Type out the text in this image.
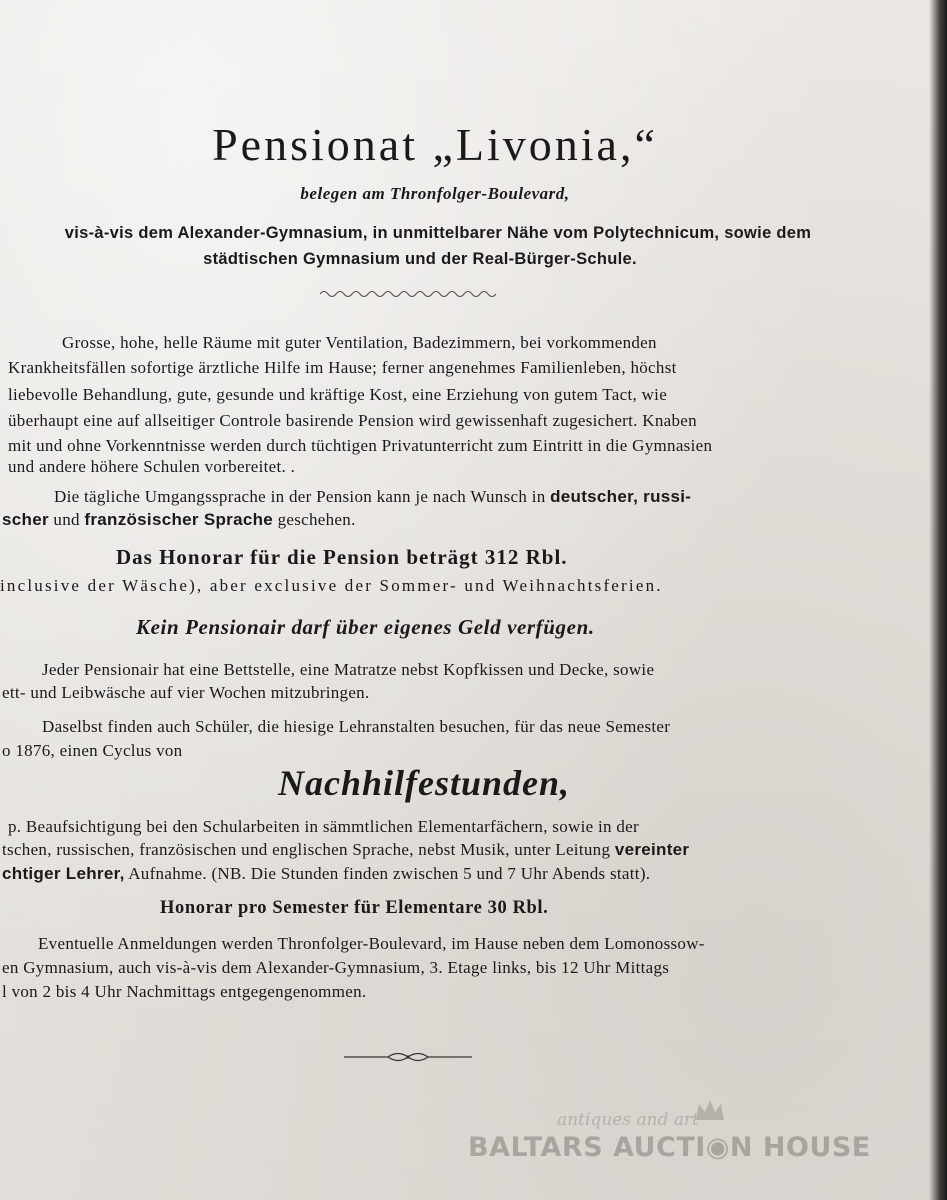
Pensionat „Livonia,“
belegen am Thronfolger-Boulevard,
vis-à-vis dem Alexander-Gymnasium, in unmittelbarer Nähe vom Polytechnicum, sowie dem
städtischen Gymnasium und der Real-Bürger-Schule.
Grosse, hohe, helle Räume mit guter Ventilation, Badezimmern, bei vorkommenden
Krankheitsfällen sofortige ärztliche Hilfe im Hause; ferner angenehmes Familienleben, höchst
liebevolle Behandlung, gute, gesunde und kräftige Kost, eine Erziehung von gutem Tact, wie
überhaupt eine auf allseitiger Controle basirende Pension wird gewissenhaft zugesichert. Knaben
mit und ohne Vorkenntnisse werden durch tüchtigen Privatunterricht zum Eintritt in die Gymnasien
und andere höhere Schulen vorbereitet. .
Die tägliche Umgangssprache in der Pension kann je nach Wunsch in deutscher, russi-
scher und französischer Sprache geschehen.
Das Honorar für die Pension beträgt 312 Rbl.
inclusive der Wäsche), aber exclusive der Sommer- und Weihnachtsferien.
Kein Pensionair darf über eigenes Geld verfügen.
Jeder Pensionair hat eine Bettstelle, eine Matratze nebst Kopfkissen und Decke, sowie
ett- und Leibwäsche auf vier Wochen mitzubringen.
Daselbst finden auch Schüler, die hiesige Lehranstalten besuchen, für das neue Semester
o 1876, einen Cyclus von
Nachhilfestunden,
p. Beaufsichtigung bei den Schularbeiten in sämmtlichen Elementarfächern, sowie in der
tschen, russischen, französischen und englischen Sprache, nebst Musik, unter Leitung vereinter
chtiger Lehrer, Aufnahme. (NB. Die Stunden finden zwischen 5 und 7 Uhr Abends statt).
Honorar pro Semester für Elementare 30 Rbl.
Eventuelle Anmeldungen werden Thronfolger-Boulevard, im Hause neben dem Lomonossow-
en Gymnasium, auch vis-à-vis dem Alexander-Gymnasium, 3. Etage links, bis 12 Uhr Mittags
l von 2 bis 4 Uhr Nachmittags entgegengenommen.
antiques and art
BALTARS AUCTI◉N HOUSE
